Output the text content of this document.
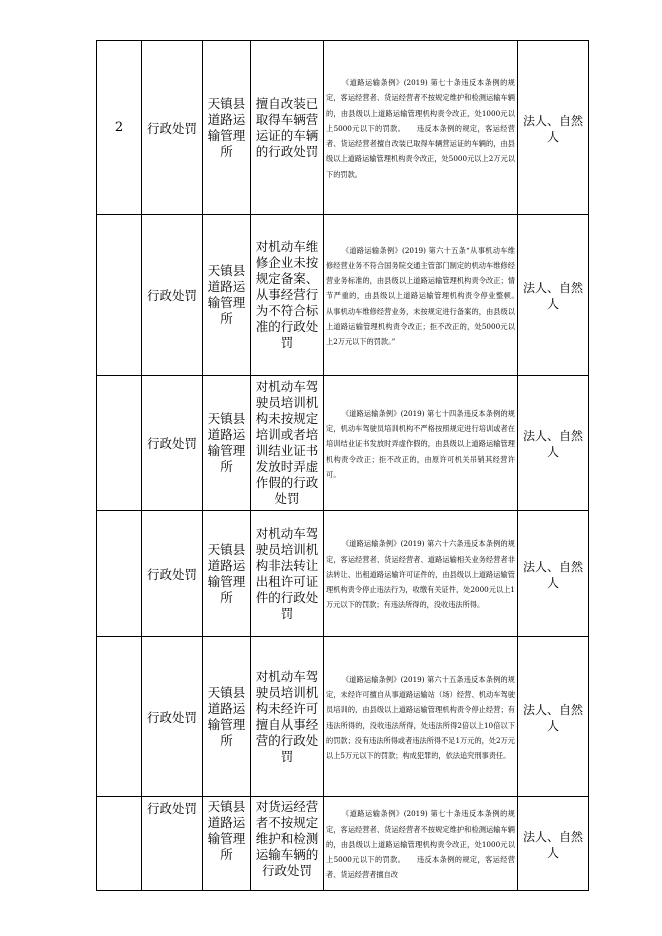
2	行政处罚	天镇县道路运输管理所	擅自改装已取得车辆营运证的车辆的行政处罚	《道路运输条例》(2019) 第七十条违反本条例的规定，客运经营者、货运经营者不按规定维护和检测运输车辆的，由县级以上道路运输管理机构责令改正，处1000元以上5000元以下的罚款。　　违反本条例的规定，客运经营者、货运经营者擅自改装已取得车辆营运证的车辆的，由县级以上道路运输管理机构责令改正，处5000元以上2万元以下的罚款。	法人、自然人

	行政处罚	天镇县道路运输管理所	对机动车维修企业未按规定备案、从事经营行为不符合标准的行政处罚	《道路运输条例》(2019) 第六十五条“从事机动车维修经营业务不符合国务院交通主管部门制定的机动车维修经营业务标准的，由县级以上道路运输管理机构责令改正；情节严重的，由县级以上道路运输管理机构责令停业整顿。　　从事机动车维修经营业务，未按规定进行备案的，由县级以上道路运输管理机构责令改正；拒不改正的，处5000元以上2万元以下的罚款。”	法人、自然人

	行政处罚	天镇县道路运输管理所	对机动车驾驶员培训机构未按规定培训或者培训结业证书发放时弄虚作假的行政处罚	《道路运输条例》(2019) 第七十四条违反本条例的规定，机动车驾驶员培训机构不严格按照规定进行培训或者在培训结业证书发放时弄虚作假的，由县级以上道路运输管理机构责令改正；拒不改正的，由原许可机关吊销其经营许可。	法人、自然人

	行政处罚	天镇县道路运输管理所	对机动车驾驶员培训机构非法转让出租许可证件的行政处罚	《道路运输条例》(2019) 第六十六条违反本条例的规定，客运经营者、货运经营者、道路运输相关业务经营者非法转让、出租道路运输许可证件的，由县级以上道路运输管理机构责令停止违法行为，收缴有关证件，处2000元以上1万元以下的罚款；有违法所得的，没收违法所得。	法人、自然人

	行政处罚	天镇县道路运输管理所	对机动车驾驶员培训机构未经许可擅自从事经营的行政处罚	《道路运输条例》(2019) 第六十五条违反本条例的规定，未经许可擅自从事道路运输站（场）经营、机动车驾驶员培训的，由县级以上道路运输管理机构责令停止经营；有违法所得的，没收违法所得，处违法所得2倍以上10倍以下的罚款；没有违法所得或者违法所得不足1万元的，处2万元以上5万元以下的罚款；构成犯罪的，依法追究刑事责任。	法人、自然人

	行政处罚	天镇县道路运输管理所	对货运经营者不按规定维护和检测运输车辆的行政处罚	《道路运输条例》(2019) 第七十条违反本条例的规定，客运经营者、货运经营者不按规定维护和检测运输车辆的，由县级以上道路运输管理机构责令改正，处1000元以上5000元以下的罚款。　　违反本条例的规定，客运经营者、货运经营者擅自改	法人、自然人
